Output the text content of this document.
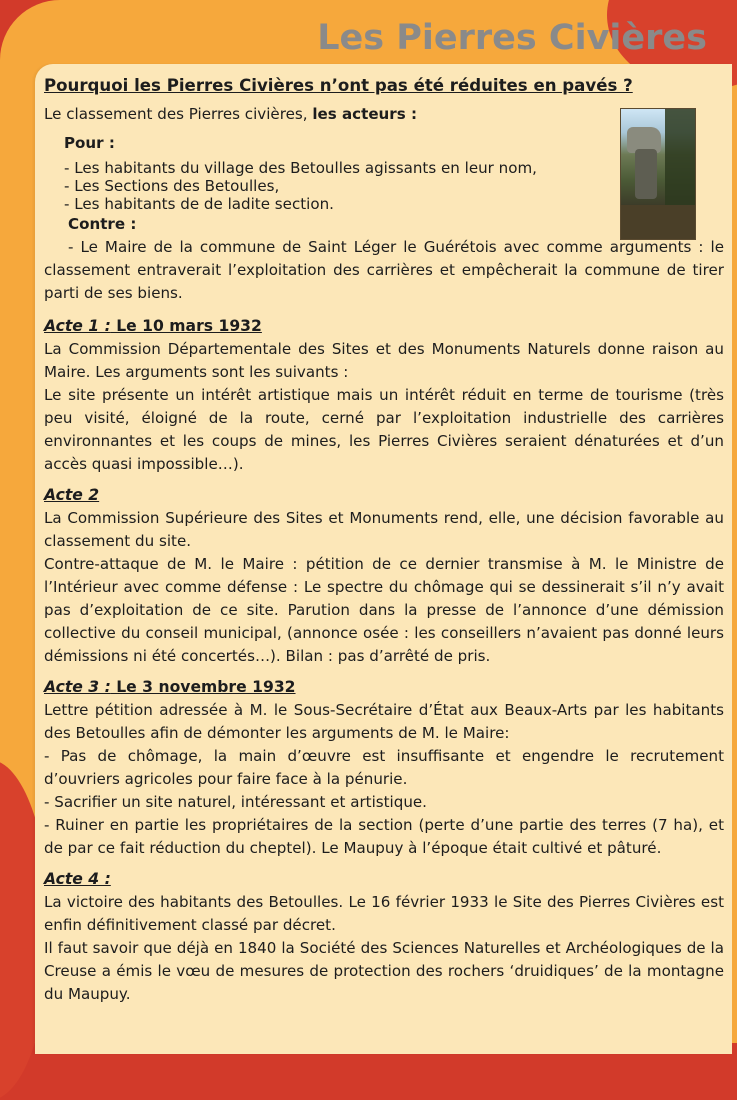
Les Pierres Civières
Pourquoi les Pierres Civières n’ont pas été réduites en pavés ?

Le classement des Pierres civières, les acteurs :

Pour :
- Les habitants du village des Betoulles agissants en leur nom,
- Les Sections des Betoulles,
- Les habitants de de ladite section.
Contre :

- Le Maire de la commune de Saint Léger le Guérétois avec comme arguments : le classement entraverait l’exploitation des carrières et empêcherait la commune de tirer parti de ses biens.

Acte 1 : Le 10 mars 1932

La Commission Départementale des Sites et des Monuments Naturels donne raison au Maire. Les arguments sont les suivants :

Le site présente un intérêt artistique mais un intérêt réduit en terme de tourisme (très peu visité, éloigné de la route, cerné par l’exploitation industrielle des carrières environnantes et les coups de mines, les Pierres Civières seraient dénaturées et d’un accès quasi impossible…).

Acte 2

La Commission Supérieure des Sites et Monuments rend, elle, une décision favorable au classement du site.

Contre-attaque de M. le Maire : pétition de ce dernier transmise à M. le Ministre de l’Intérieur avec comme défense : Le spectre du chômage qui se dessinerait s’il n’y avait pas d’exploitation de ce site. Parution dans la presse de l’annonce d’une démission collective du conseil municipal, (annonce osée : les conseillers n’avaient pas donné leurs démissions ni été concertés…). Bilan : pas d’arrêté de pris.

Acte 3 : Le 3 novembre 1932

Lettre pétition adressée à M. le Sous-Secrétaire d’État aux Beaux-Arts par les habitants des Betoulles afin de démonter les arguments de M. le Maire:

- Pas de chômage, la main d’œuvre est insuffisante et engendre le recrutement d’ouvriers agricoles pour faire face à la pénurie.

- Sacrifier un site naturel, intéressant et artistique.

- Ruiner en partie les propriétaires de la section (perte d’une partie des terres (7 ha), et de par ce fait réduction du cheptel). Le Maupuy à l’époque était cultivé et pâturé.

Acte 4 :

La victoire des habitants des Betoulles. Le 16 février 1933 le Site des Pierres Civières est enfin définitivement classé par décret.

Il faut savoir que déjà en 1840 la Société des Sciences Naturelles et Archéologiques de la Creuse a émis le vœu de mesures de protection des rochers ‘druidiques’ de la montagne du Maupuy.
